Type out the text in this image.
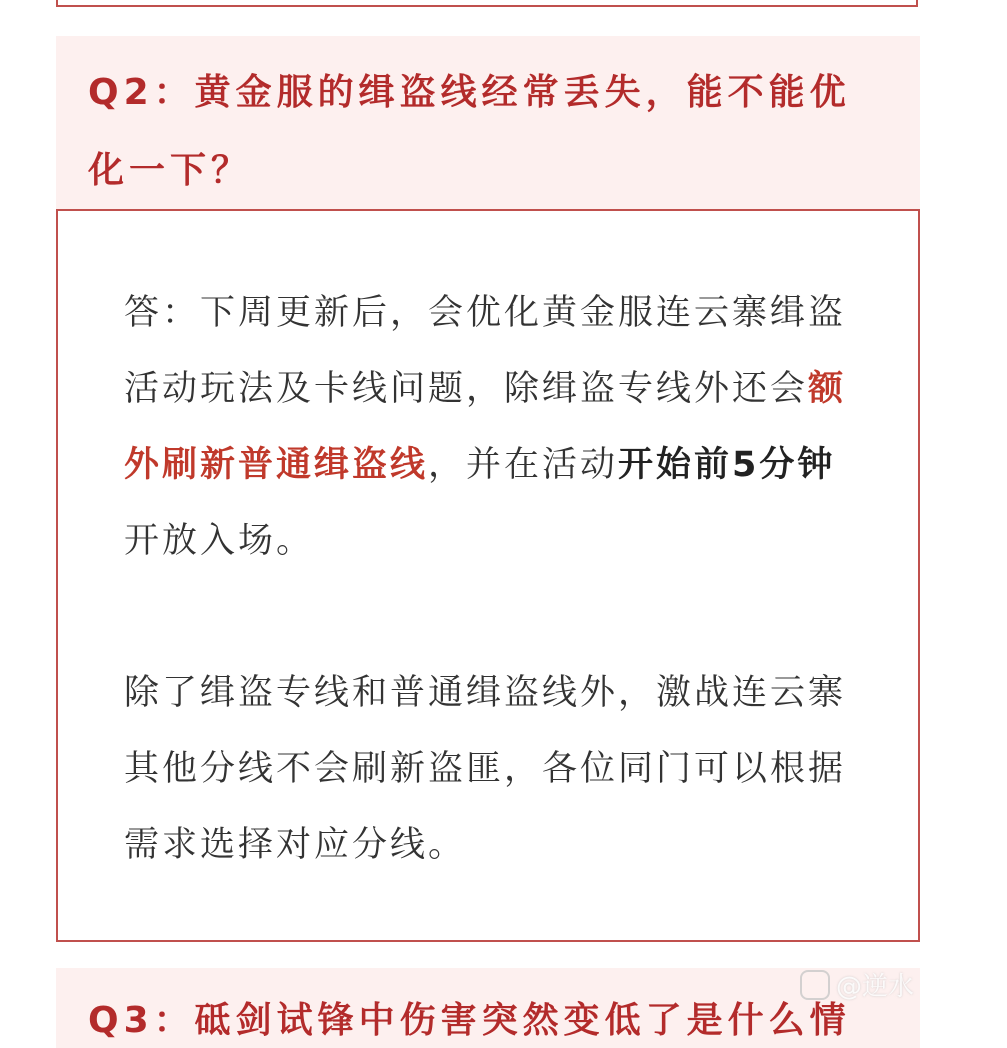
Q2：黄金服的缉盗线经常丢失，能不能优化一下？

答：下周更新后，会优化黄金服连云寨缉盗活动玩法及卡线问题，除缉盗专线外还会额外刷新普通缉盗线，并在活动开始前5分钟开放入场。

除了缉盗专线和普通缉盗线外，激战连云寨其他分线不会刷新盗匪，各位同门可以根据需求选择对应分线。

Q3：砥剑试锋中伤害突然变低了是什么情

@逆水
